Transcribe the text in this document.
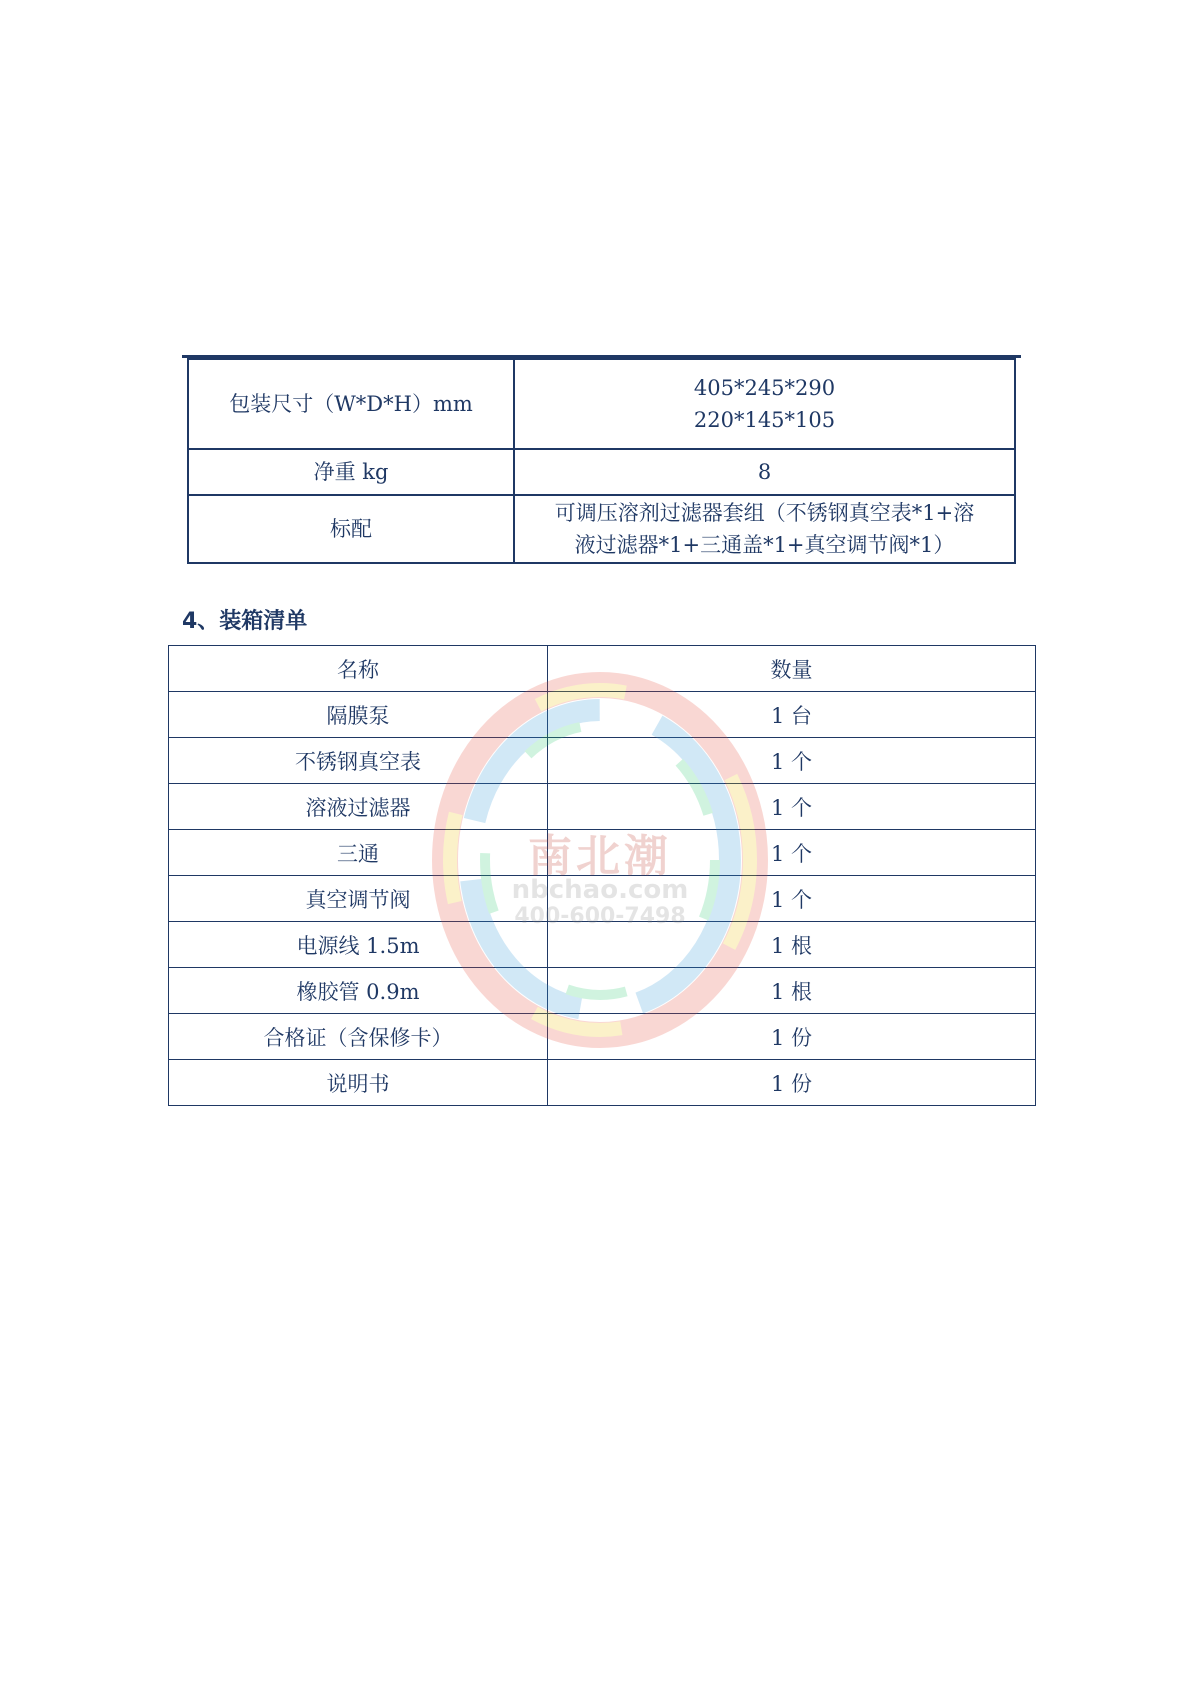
包装尺寸（W*D*H）mm	405*245*290
220*145*105

净重 kg	8

标配	可调压溶剂过滤器套组（不锈钢真空表*1+溶
液过滤器*1+三通盖*1+真空调节阀*1）
4、装箱清单
名称	数量
隔膜泵	1 台
不锈钢真空表	1 个
溶液过滤器	1 个
三通	1 个
真空调节阀	1 个
电源线 1.5m	1 根
橡胶管 0.9m	1 根
合格证（含保修卡）	1 份
说明书	1 份
南北潮
nbchao.com
400-600-7498
